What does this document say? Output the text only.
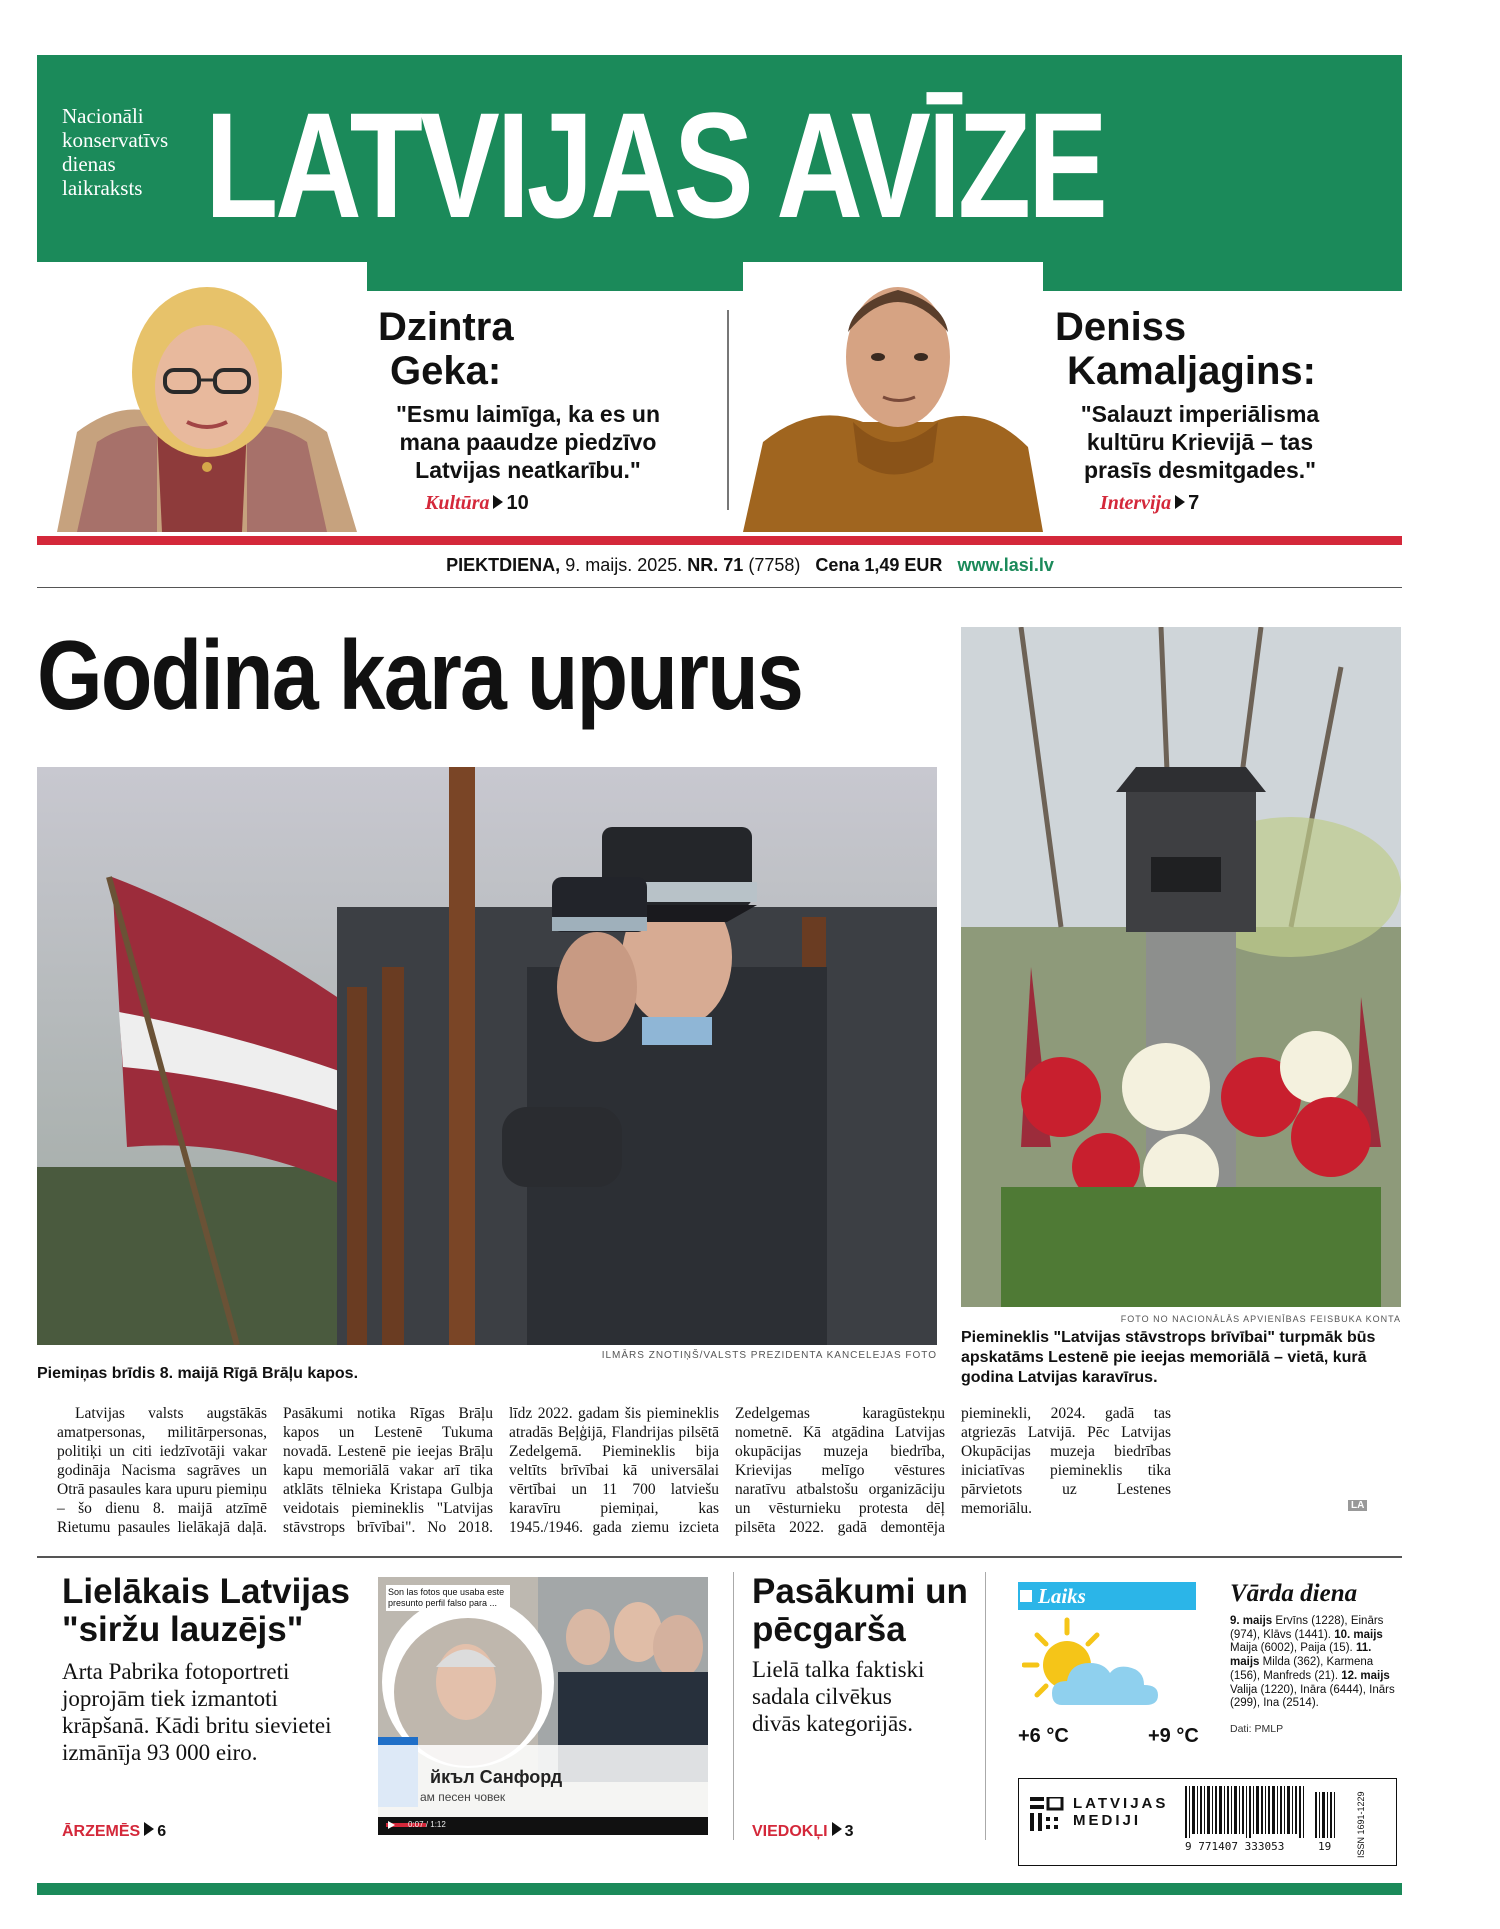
Nacionāli
konservatīvs
dienas
laikraksts LATVIJAS AVĪZE
Dzintra
Geka:
"Esmu laimīga, ka es un mana paaudze piedzīvo Latvijas neatkarību."
Kultūra 10
Deniss
Kamaljagins:
"Salauzt imperiālisma kultūru Krievijā – tas prasīs desmitgades."
Intervija 7
PIEKTDIENA, 9. maijs. 2025. NR. 71 (7758) Cena 1,49 EUR www.lasi.lv
Godina kara upurus
ILMĀRS ZNOTIŅŠ/VALSTS PREZIDENTA KANCELEJAS FOTO
Piemiņas brīdis 8. maijā Rīgā Brāļu kapos.
FOTO NO NACIONĀLĀS APVIENĪBAS FEISBUKA KONTA
Piemineklis "Latvijas stāvstrops brīvībai" turpmāk būs apskatāms Lestenē pie ieejas memoriālā – vietā, kurā godina Latvijas karavīrus.

Latvijas valsts augstākās amatpersonas, militārpersonas, politiķi un citi iedzīvotāji vakar godināja Nacisma sagrāves un Otrā pasaules kara upuru piemiņu – šo dienu 8. maijā atzīmē Rietumu pasaules lielākajā daļā. Pasākumi notika Rīgas Brāļu kapos un Lestenē Tukuma novadā. Lestenē pie ieejas Brāļu kapu memoriālā vakar arī tika atklāts tēlnieka Kristapa Gulbja veidotais piemineklis "Latvijas stāvstrops brīvībai". No 2018. līdz 2022. gadam šis piemineklis atradās Beļģijā, Flandrijas pilsētā Zedelgemā. Piemineklis bija veltīts brīvībai kā universālai vērtībai un 11 700 latviešu karavīru piemiņai, kas 1945./1946. gada ziemu izcieta Zedelgemas karagūstekņu nometnē. Kā atgādina Latvijas okupācijas muzeja biedrība, Krievijas melīgo vēstures naratīvu atbalstošu organizāciju un vēsturnieku protesta dēļ pilsēta 2022. gadā demontēja pieminekli, 2024. gadā tas atgriezās Latvijā. Pēc Latvijas Okupācijas muzeja biedrības iniciatīvas piemineklis tika pārvietots uz Lestenes memoriālu.	LA
Lielākais Latvijas "siržu lauzējs"
Arta Pabrika fotoportreti joprojām tiek izmantoti krāpšanā. Kādi britu sievietei izmānīja 93 000 eiro.
ĀRZEMĒS 6
Son las fotos que usaba este presunto perfil falso para ...
йкъл Санфорд
ам песен човек
0:07 / 1:12
Pasākumi un pēcgarša
Lielā talka faktiski sadala cilvēkus divās kategorijās.
VIEDOKĻI 3
Laiks
+6 °C	+9 °C
Vārda diena
9. maijs Ervīns (1228), Einārs (974), Klāvs (1441). 10. maijs Maija (6002), Paija (15). 11. maijs Milda (362), Karmena (156), Manfreds (21). 12. maijs Valija (1220), Ināra (6444), Inārs (299), Ina (2514).
Dati: PMLP
LATVIJAS
MEDIJI
9 771407 333053	19	ISSN 1691-1229
